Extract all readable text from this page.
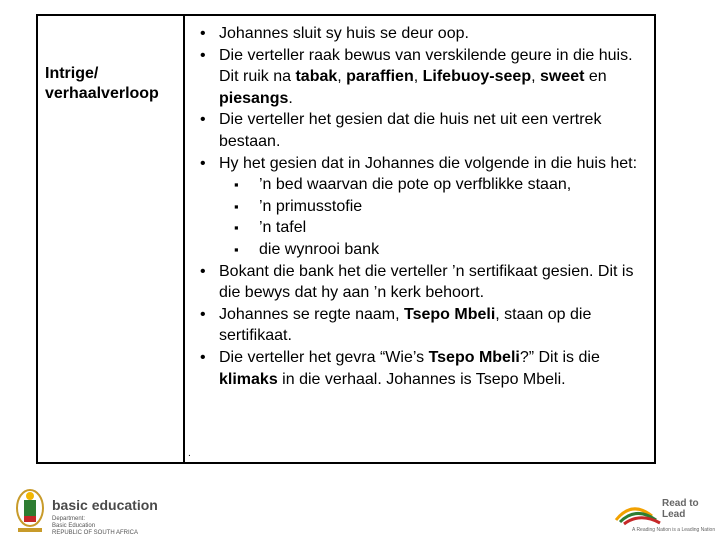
Intrige/
verhaalverloop
• Johannes sluit sy huis se deur oop.
• Die verteller raak bewus van verskilende geure in die huis. Dit ruik na tabak, paraffien, Lifebuoy-seep, sweet en piesangs.
• Die verteller het gesien dat die huis net uit een vertrek bestaan.
• Hy het gesien dat in Johannes die volgende in die huis het:
▪ ’n bed waarvan die pote op verfblikke staan,
▪ ’n primusstofie
▪ ’n tafel
▪ die wynrooi bank
• Bokant die bank het die verteller ’n sertifikaat gesien. Dit is die bewys dat hy aan ’n kerk behoort.
• Johannes se regte naam, Tsepo Mbeli, staan op die sertifikaat.
• Die verteller het gevra “Wie’s Tsepo Mbeli?” Dit is die klimaks in die verhaal. Johannes is Tsepo Mbeli.
.
basic education
Department:
Basic Education
REPUBLIC OF SOUTH AFRICA
Read to Lead
A Reading Nation is a Leading Nation
